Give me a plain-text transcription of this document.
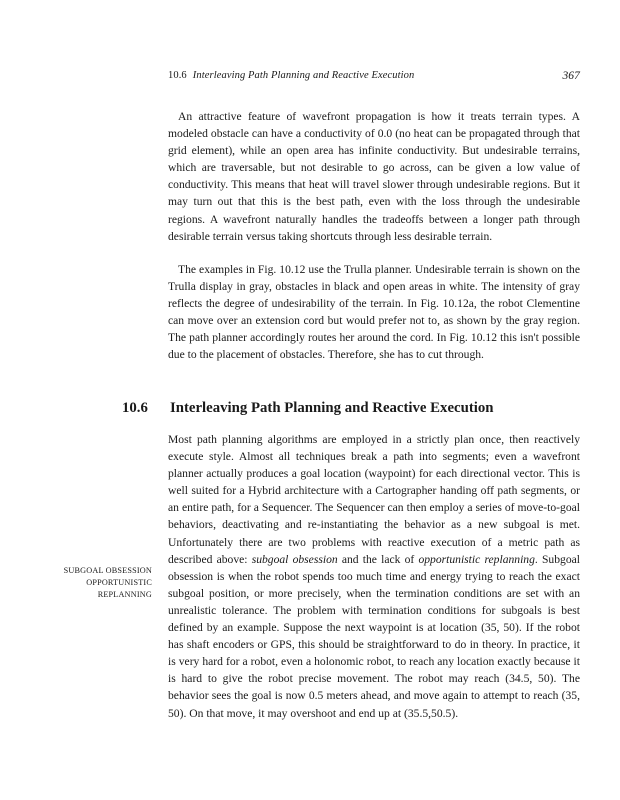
10.6 Interleaving Path Planning and Reactive Execution	367

An attractive feature of wavefront propagation is how it treats terrain types. A modeled obstacle can have a conductivity of 0.0 (no heat can be propagated through that grid element), while an open area has infinite conductivity. But undesirable terrains, which are traversable, but not desirable to go across, can be given a low value of conductivity. This means that heat will travel slower through undesirable regions. But it may turn out that this is the best path, even with the loss through the undesirable regions. A wavefront naturally handles the tradeoffs between a longer path through desirable terrain versus taking shortcuts through less desirable terrain.

The examples in Fig. 10.12 use the Trulla planner. Undesirable terrain is shown on the Trulla display in gray, obstacles in black and open areas in white. The intensity of gray reflects the degree of undesirability of the terrain. In Fig. 10.12a, the robot Clementine can move over an extension cord but would prefer not to, as shown by the gray region. The path planner accordingly routes her around the cord. In Fig. 10.12 this isn't possible due to the placement of obstacles. Therefore, she has to cut through.

10.6 Interleaving Path Planning and Reactive Execution
SUBGOAL OBSESSION
OPPORTUNISTIC
REPLANNING

Most path planning algorithms are employed in a strictly plan once, then reactively execute style. Almost all techniques break a path into segments; even a wavefront planner actually produces a goal location (waypoint) for each directional vector. This is well suited for a Hybrid architecture with a Cartographer handing off path segments, or an entire path, for a Sequencer. The Sequencer can then employ a series of move-to-goal behaviors, deactivating and re-instantiating the behavior as a new subgoal is met. Unfortunately there are two problems with reactive execution of a metric path as described above: subgoal obsession and the lack of opportunistic replanning. Subgoal obsession is when the robot spends too much time and energy trying to reach the exact subgoal position, or more precisely, when the termination conditions are set with an unrealistic tolerance. The problem with termination conditions for subgoals is best defined by an example. Suppose the next waypoint is at location (35, 50). If the robot has shaft encoders or GPS, this should be straightforward to do in theory. In practice, it is very hard for a robot, even a holonomic robot, to reach any location exactly because it is hard to give the robot precise movement. The robot may reach (34.5, 50). The behavior sees the goal is now 0.5 meters ahead, and move again to attempt to reach (35, 50). On that move, it may overshoot and end up at (35.5,50.5).
